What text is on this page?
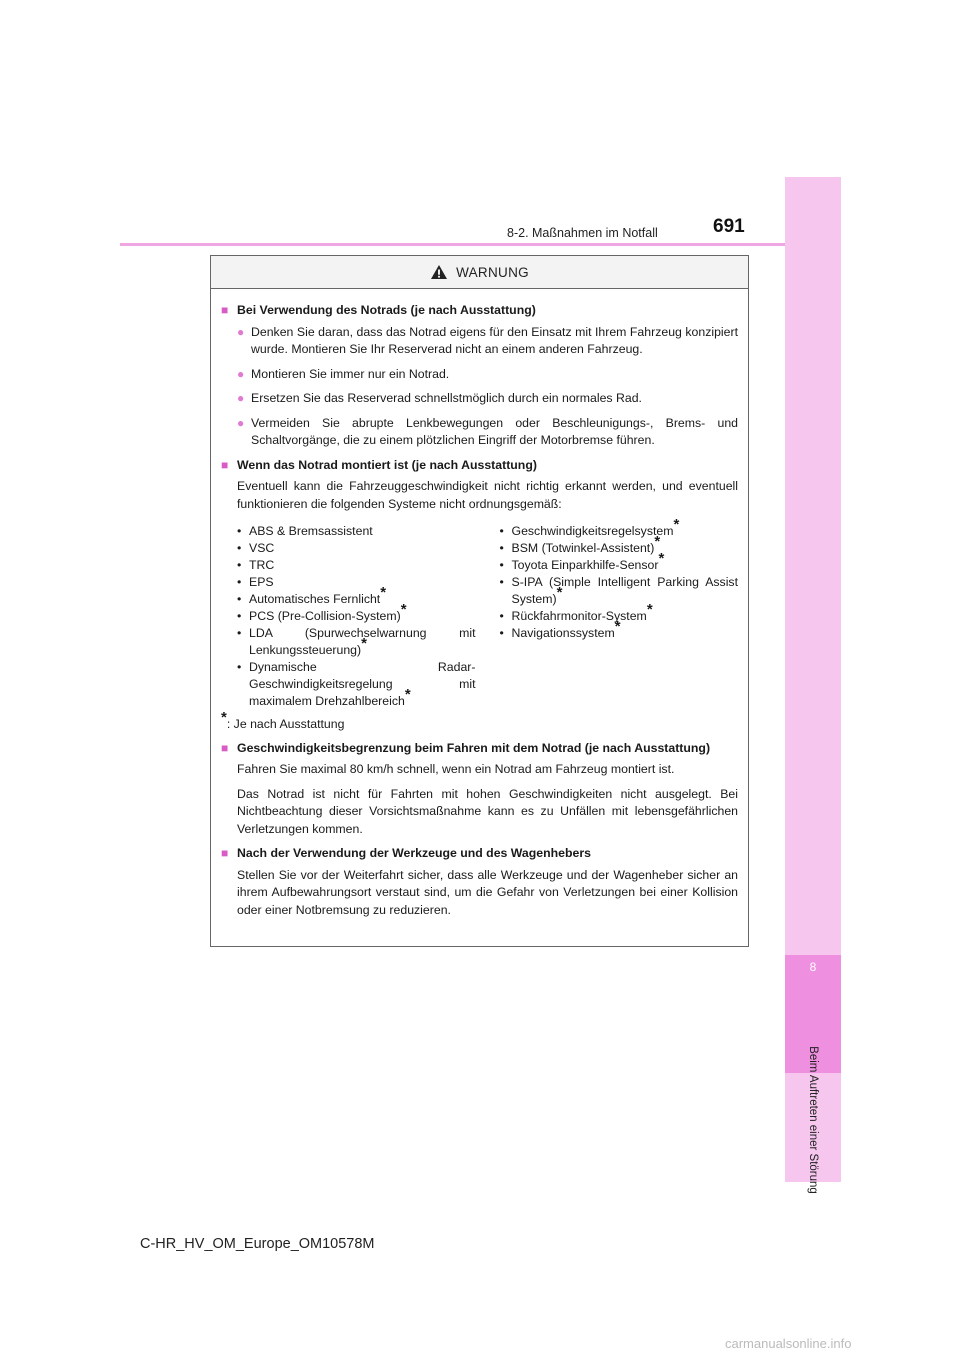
8
Beim Auftreten einer Störung
8-2. Maßnahmen im Notfall	691
WARNUNG
■ Bei Verwendung des Notrads (je nach Ausstattung)
● Denken Sie daran, dass das Notrad eigens für den Einsatz mit Ihrem Fahrzeug konzipiert wurde. Montieren Sie Ihr Reserverad nicht an einem anderen Fahrzeug.
● Montieren Sie immer nur ein Notrad.
● Ersetzen Sie das Reserverad schnellstmöglich durch ein normales Rad.
● Vermeiden Sie abrupte Lenkbewegungen oder Beschleunigungs-, Brems- und Schaltvorgänge, die zu einem plötzlichen Eingriff der Motorbremse führen.
■ Wenn das Notrad montiert ist (je nach Ausstattung)
Eventuell kann die Fahrzeuggeschwindigkeit nicht richtig erkannt werden, und eventuell funktionieren die folgenden Systeme nicht ordnungsgemäß:
• ABS & Bremsassistent
• VSC
• TRC
• EPS
• Automatisches Fernlicht*
• PCS (Pre-Collision-System)*
• LDA (Spurwechselwarnung mit Lenkungssteuerung)*
• Dynamische Radar-Geschwindigkeitsregelung mit maximalem Drehzahlbereich*
• Geschwindigkeitsregelsystem*
• BSM (Totwinkel-Assistent)*
• Toyota Einparkhilfe-Sensor*
• S-IPA (Simple Intelligent Parking Assist System)*
• Rückfahrmonitor-System*
• Navigationssystem*
*: Je nach Ausstattung
■ Geschwindigkeitsbegrenzung beim Fahren mit dem Notrad (je nach Ausstattung)
Fahren Sie maximal 80 km/h schnell, wenn ein Notrad am Fahrzeug montiert ist.
Das Notrad ist nicht für Fahrten mit hohen Geschwindigkeiten nicht ausgelegt. Bei Nichtbeachtung dieser Vorsichtsmaßnahme kann es zu Unfällen mit lebensgefährlichen Verletzungen kommen.
■ Nach der Verwendung der Werkzeuge und des Wagenhebers
Stellen Sie vor der Weiterfahrt sicher, dass alle Werkzeuge und der Wagenheber sicher an ihrem Aufbewahrungsort verstaut sind, um die Gefahr von Verletzungen bei einer Kollision oder einer Notbremsung zu reduzieren.
C-HR_HV_OM_Europe_OM10578M
carmanualsonline.info
